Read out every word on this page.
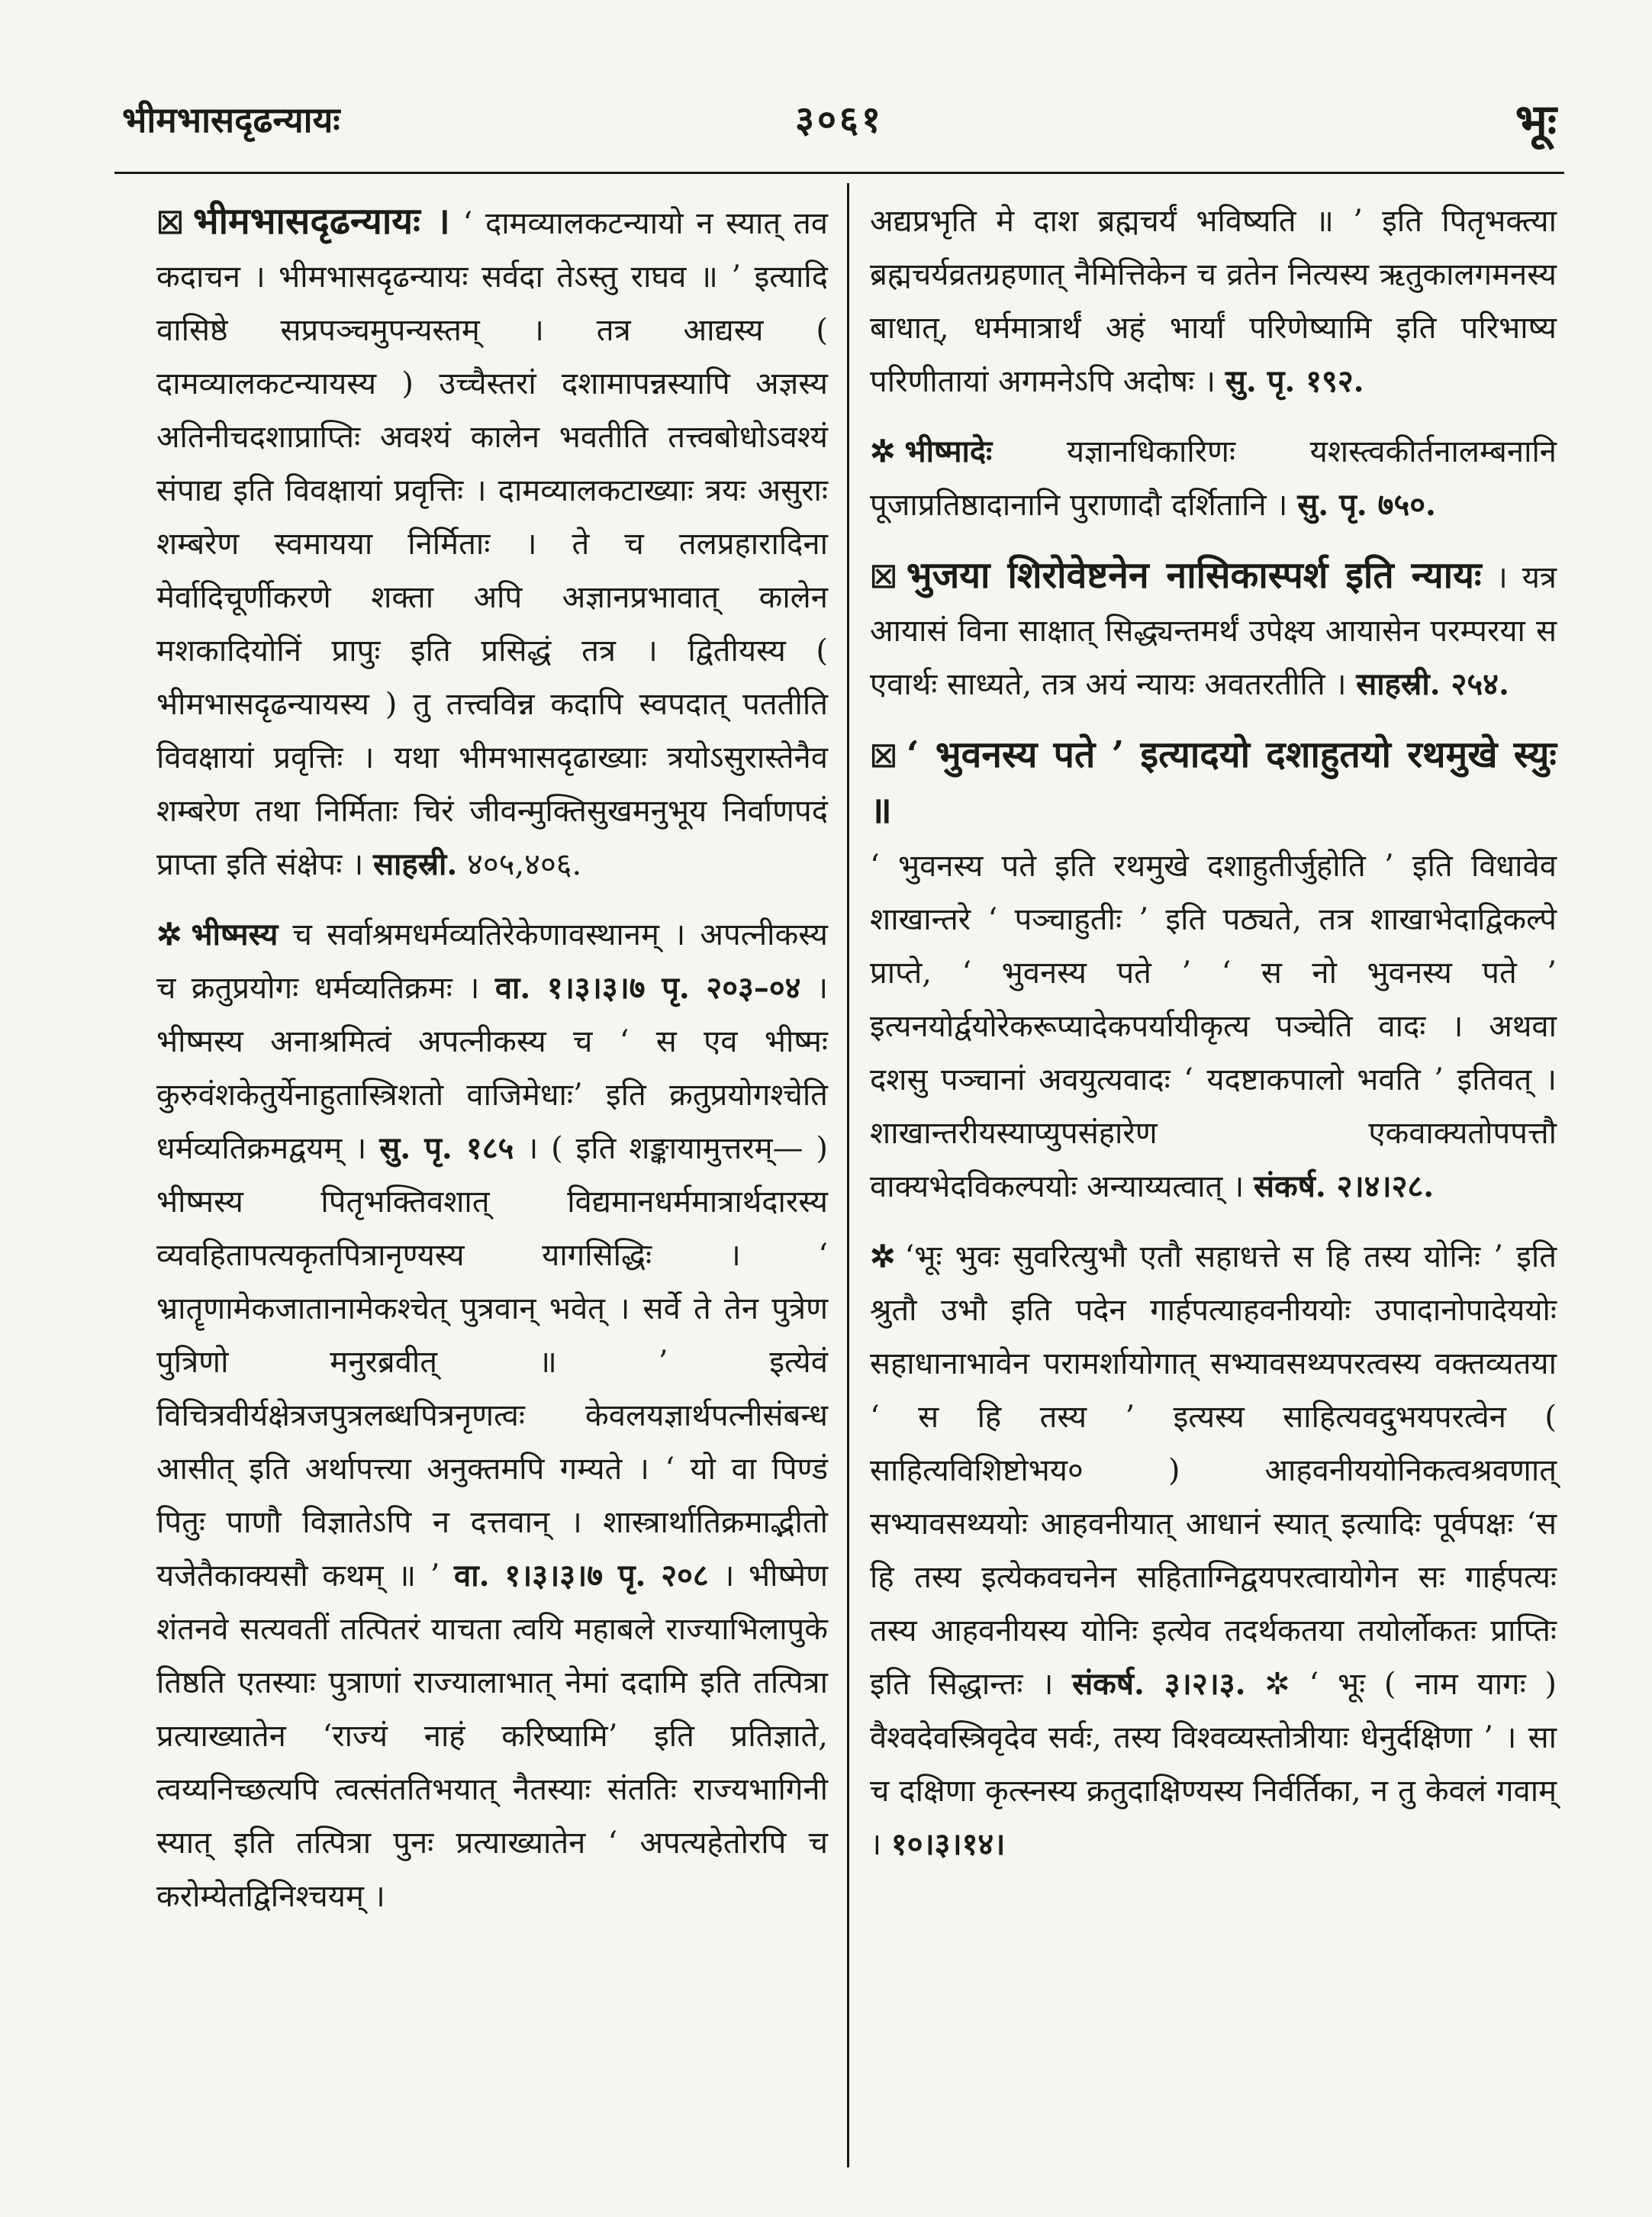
भीमभासदृढन्यायः	३०६१	भूः

☒ भीमभासदृढन्यायः । ‘ दामव्यालकटन्यायो न स्यात् तव कदाचन । भीमभासदृढन्यायः सर्वदा तेऽस्तु राघव ॥ ’ इत्यादि वासिष्ठे सप्रपञ्चमुपन्यस्तम् । तत्र आद्यस्य ( दामव्यालकटन्यायस्य ) उच्चैस्तरां दशामापन्नस्यापि अज्ञस्य अतिनीचदशाप्राप्तिः अवश्यं कालेन भवतीति तत्त्वबोधोऽवश्यं संपाद्य इति विवक्षायां प्रवृत्तिः । दामव्यालकटाख्याः त्रयः असुराः शम्बरेण स्वमायया निर्मिताः । ते च तलप्रहारादिना मेर्वादिचूर्णीकरणे शक्ता अपि अज्ञानप्रभावात् कालेन मशकादियोनिं प्रापुः इति प्रसिद्धं तत्र । द्वितीयस्य ( भीमभासदृढन्यायस्य ) तु तत्त्वविन्न कदापि स्वपदात् पततीति विवक्षायां प्रवृत्तिः । यथा भीमभासदृढाख्याः त्रयोऽसुरास्तेनैव शम्बरेण तथा निर्मिताः चिरं जीवन्मुक्तिसुखमनुभूय निर्वाणपदं प्राप्ता इति संक्षेपः । साहस्री. ४०५,४०६.

✲ भीष्मस्य च सर्वाश्रमधर्मव्यतिरेकेणावस्थानम् । अपत्नीकस्य च क्रतुप्रयोगः धर्मव्यतिक्रमः । वा. १।३।३।७ पृ. २०३–०४ । भीष्मस्य अनाश्रमित्वं अपत्नीकस्य च ‘ स एव भीष्मः कुरुवंशकेतुर्येनाहुतास्त्रिशतो वाजिमेधाः’ इति क्रतुप्रयोगश्चेति धर्मव्यतिक्रमद्वयम् । सु. पृ. १८५ । ( इति शङ्कायामुत्तरम्— ) भीष्मस्य पितृभक्तिवशात् विद्यमानधर्ममात्रार्थदारस्य व्यवहितापत्यकृतपित्रानृण्यस्य यागसिद्धिः । ‘ भ्रातॄणामेकजातानामेकश्चेत् पुत्रवान् भवेत् । सर्वे ते तेन पुत्रेण पुत्रिणो मनुरब्रवीत् ॥ ’ इत्येवं विचित्रवीर्यक्षेत्रजपुत्रलब्धपित्रनृणत्वः केवलयज्ञार्थपत्नीसंबन्ध आसीत् इति अर्थापत्त्या अनुक्तमपि गम्यते । ‘ यो वा पिण्डं पितुः पाणौ विज्ञातेऽपि न दत्तवान् । शास्त्रार्थातिक्रमाद्भीतो यजेतैकाक्यसौ कथम् ॥ ’ वा. १।३।३।७ पृ. २०८ । भीष्मेण शंतनवे सत्यवतीं तत्पितरं याचता त्वयि महाबले राज्याभिलापुके तिष्ठति एतस्याः पुत्राणां राज्यालाभात् नेमां ददामि इति तत्पित्रा प्रत्याख्यातेन ‘राज्यं नाहं करिष्यामि’ इति प्रतिज्ञाते, त्वय्यनिच्छत्यपि त्वत्संततिभयात् नैतस्याः संततिः राज्यभागिनी स्यात् इति तत्पित्रा पुनः प्रत्याख्यातेन ‘ अपत्यहेतोरपि च करोम्येतद्विनिश्चयम् ।

अद्यप्रभृति मे दाश ब्रह्मचर्यं भविष्यति ॥ ’ इति पितृभक्त्या ब्रह्मचर्यव्रतग्रहणात् नैमित्तिकेन च व्रतेन नित्यस्य ऋतुकालगमनस्य बाधात्, धर्ममात्रार्थं अहं भार्यां परिणेष्यामि इति परिभाष्य परिणीतायां अगमनेऽपि अदोषः । सु. पृ. १९२.

✲ भीष्मादेः यज्ञानधिकारिणः यशस्त्वकीर्तनालम्बनानि पूजाप्रतिष्ठादानानि पुराणादौ दर्शितानि । सु. पृ. ७५०.

☒ भुजया शिरोवेष्टनेन नासिकास्पर्श इति न्यायः । यत्र आयासं विना साक्षात् सिद्ध्यन्तमर्थं उपेक्ष्य आयासेन परम्परया स एवार्थः साध्यते, तत्र अयं न्यायः अवतरतीति । साहस्री. २५४.

☒ ‘ भुवनस्य पते ’ इत्यादयो दशाहुतयो रथमुखे स्युः ॥
‘ भुवनस्य पते इति रथमुखे दशाहुतीर्जुहोति ’ इति विधावेव शाखान्तरे ‘ पञ्चाहुतीः ’ इति पठ्यते, तत्र शाखाभेदाद्विकल्पे प्राप्ते, ‘ भुवनस्य पते ’ ‘ स नो भुवनस्य पते ’ इत्यनयोर्द्वयोरेकरूप्यादेकपर्यायीकृत्य पञ्चेति वादः । अथवा दशसु पञ्चानां अवयुत्यवादः ‘ यदष्टाकपालो भवति ’ इतिवत् । शाखान्तरीयस्याप्युपसंहारेण एकवाक्यतोपपत्तौ वाक्यभेदविकल्पयोः अन्याय्यत्वात् । संकर्ष. २।४।२८.

✲ ‘भूः भुवः सुवरित्युभौ एतौ सहाधत्ते स हि तस्य योनिः ’ इति श्रुतौ उभौ इति पदेन गार्हपत्याहवनीययोः उपादानोपादेययोः सहाधानाभावेन परामर्शायोगात् सभ्यावसथ्यपरत्वस्य वक्तव्यतया ‘ स हि तस्य ’ इत्यस्य साहित्यवदुभयपरत्वेन ( साहित्यविशिष्टोभय० ) आहवनीययोनिकत्वश्रवणात् सभ्यावसथ्ययोः आहवनीयात् आधानं स्यात् इत्यादिः पूर्वपक्षः ‘स हि तस्य इत्येकवचनेन सहिताग्निद्वयपरत्वायोगेन सः गार्हपत्यः तस्य आहवनीयस्य योनिः इत्येव तदर्थकतया तयोर्लोकतः प्राप्तिः इति सिद्धान्तः । संकर्ष. ३।२।३. ✲ ‘ भूः ( नाम यागः ) वैश्वदेवस्त्रिवृदेव सर्वः, तस्य विश्वव्यस्तोत्रीयाः धेनुर्दक्षिणा ’ । सा च दक्षिणा कृत्स्नस्य क्रतुदाक्षिण्यस्य निर्वर्तिका, न तु केवलं गवाम् । १०।३।१४।
